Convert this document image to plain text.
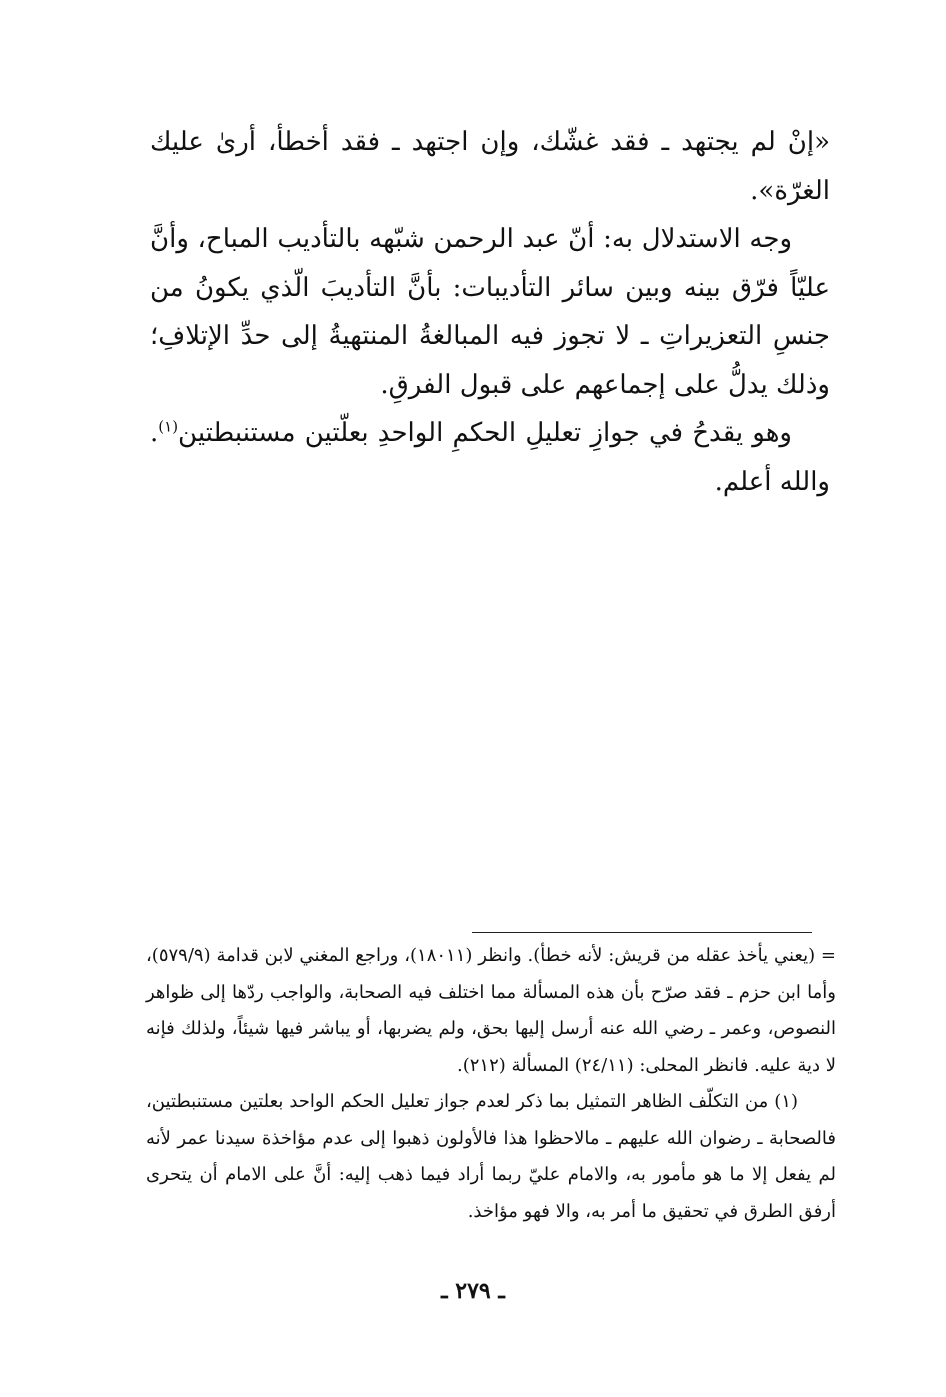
«إنْ لم يجتهد ـ فقد غشّك، وإن اجتهد ـ فقد أخطأ، أرىٰ عليك الغرّة».

وجه الاستدلال به: أنّ عبد الرحمن شبّهه بالتأديب المباح، وأنَّ عليّاً فرّق بينه وبين سائر التأديبات: بأنَّ التأديبَ الّذي يكونُ من جنسِ التعزيراتِ ـ لا تجوز فيه المبالغةُ المنتهيةُ إلى حدِّ الإتلافِ؛ وذلك يدلُّ على إجماعهم على قبول الفرقِ.

وهو يقدحُ في جوازِ تعليلِ الحكمِ الواحدِ بعلّتين مستنبطتين$^{(١)}$. والله أعلم.

= (يعني يأخذ عقله من قريش: لأنه خطأ). وانظر (١٨٠١١)، وراجع المغني لابن قدامة (٥٧٩/٩)، وأما ابن حزم ـ فقد صرّح بأن هذه المسألة مما اختلف فيه الصحابة، والواجب ردّها إلى ظواهر النصوص، وعمر ـ رضي الله عنه أرسل إليها بحق، ولم يضربها، أو يباشر فيها شيئاً، ولذلك فإنه لا دية عليه. فانظر المحلى: (٢٤/١١) المسألة (٢١٢).

(١) من التكلّف الظاهر التمثيل بما ذكر لعدم جواز تعليل الحكم الواحد بعلتين مستنبطتين، فالصحابة ـ رضوان الله عليهم ـ مالاحظوا هذا فالأولون ذهبوا إلى عدم مؤاخذة سيدنا عمر لأنه لم يفعل إلا ما هو مأمور به، والامام عليّ ربما أراد فيما ذهب إليه: أنَّ على الامام أن يتحرى أرفق الطرق في تحقيق ما أمر به، والا فهو مؤاخذ.

ـ ٢٧٩ ـ
